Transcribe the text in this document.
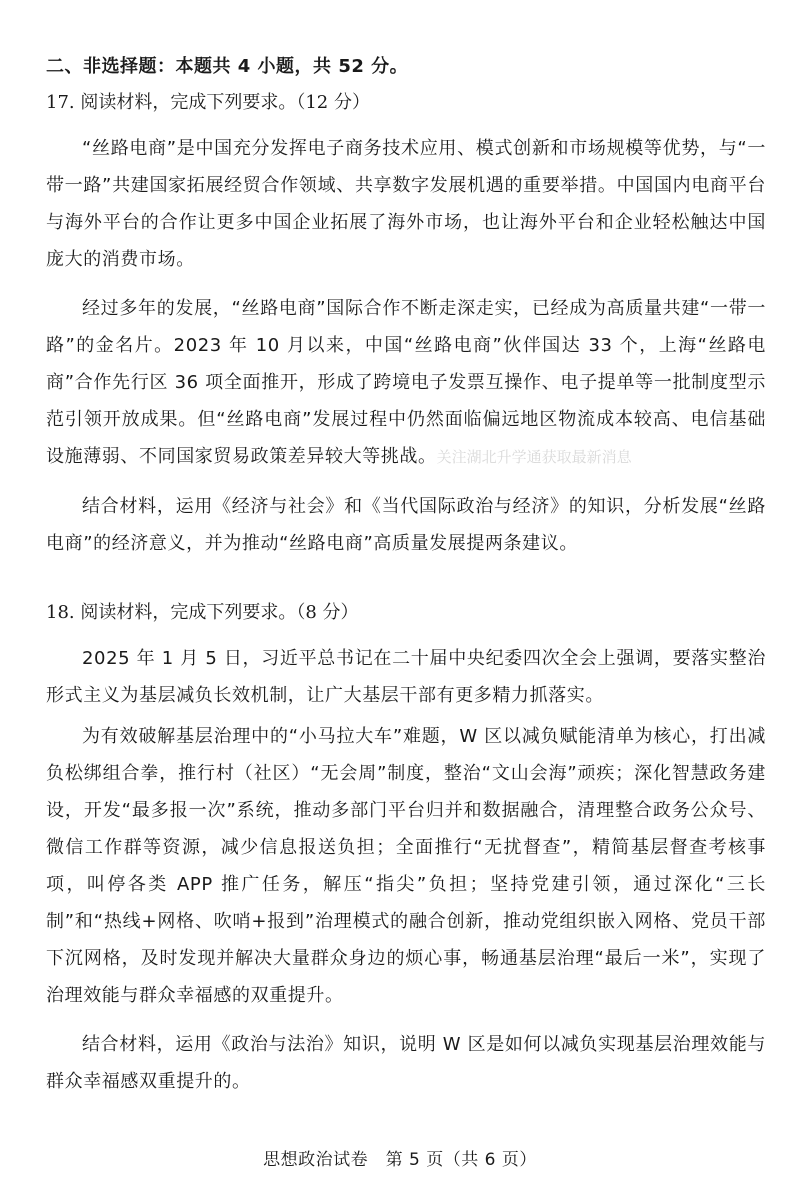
二、非选择题：本题共 4 小题，共 52 分。
17. 阅读材料，完成下列要求。（12 分）

“丝路电商”是中国充分发挥电子商务技术应用、模式创新和市场规模等优势，与“一带一路”共建国家拓展经贸合作领域、共享数字发展机遇的重要举措。中国国内电商平台与海外平台的合作让更多中国企业拓展了海外市场，也让海外平台和企业轻松触达中国庞大的消费市场。

经过多年的发展，“丝路电商”国际合作不断走深走实，已经成为高质量共建“一带一路”的金名片。2023 年 10 月以来，中国“丝路电商”伙伴国达 33 个，上海“丝路电商”合作先行区 36 项全面推开，形成了跨境电子发票互操作、电子提单等一批制度型示范引领开放成果。但“丝路电商”发展过程中仍然面临偏远地区物流成本较高、电信基础设施薄弱、不同国家贸易政策差异较大等挑战。关注湖北升学通获取最新消息

结合材料，运用《经济与社会》和《当代国际政治与经济》的知识，分析发展“丝路电商”的经济意义，并为推动“丝路电商”高质量发展提两条建议。

18. 阅读材料，完成下列要求。（8 分）

2025 年 1 月 5 日，习近平总书记在二十届中央纪委四次全会上强调，要落实整治形式主义为基层减负长效机制，让广大基层干部有更多精力抓落实。

为有效破解基层治理中的“小马拉大车”难题，W 区以减负赋能清单为核心，打出减负松绑组合拳，推行村（社区）“无会周”制度，整治“文山会海”顽疾；深化智慧政务建设，开发“最多报一次”系统，推动多部门平台归并和数据融合，清理整合政务公众号、微信工作群等资源，减少信息报送负担；全面推行“无扰督查”，精简基层督查考核事项，叫停各类 APP 推广任务，解压“指尖”负担；坚持党建引领，通过深化“三长制”和“热线+网格、吹哨+报到”治理模式的融合创新，推动党组织嵌入网格、党员干部下沉网格，及时发现并解决大量群众身边的烦心事，畅通基层治理“最后一米”，实现了治理效能与群众幸福感的双重提升。

结合材料，运用《政治与法治》知识，说明 W 区是如何以减负实现基层治理效能与群众幸福感双重提升的。

思想政治试卷　第 5 页（共 6 页）
